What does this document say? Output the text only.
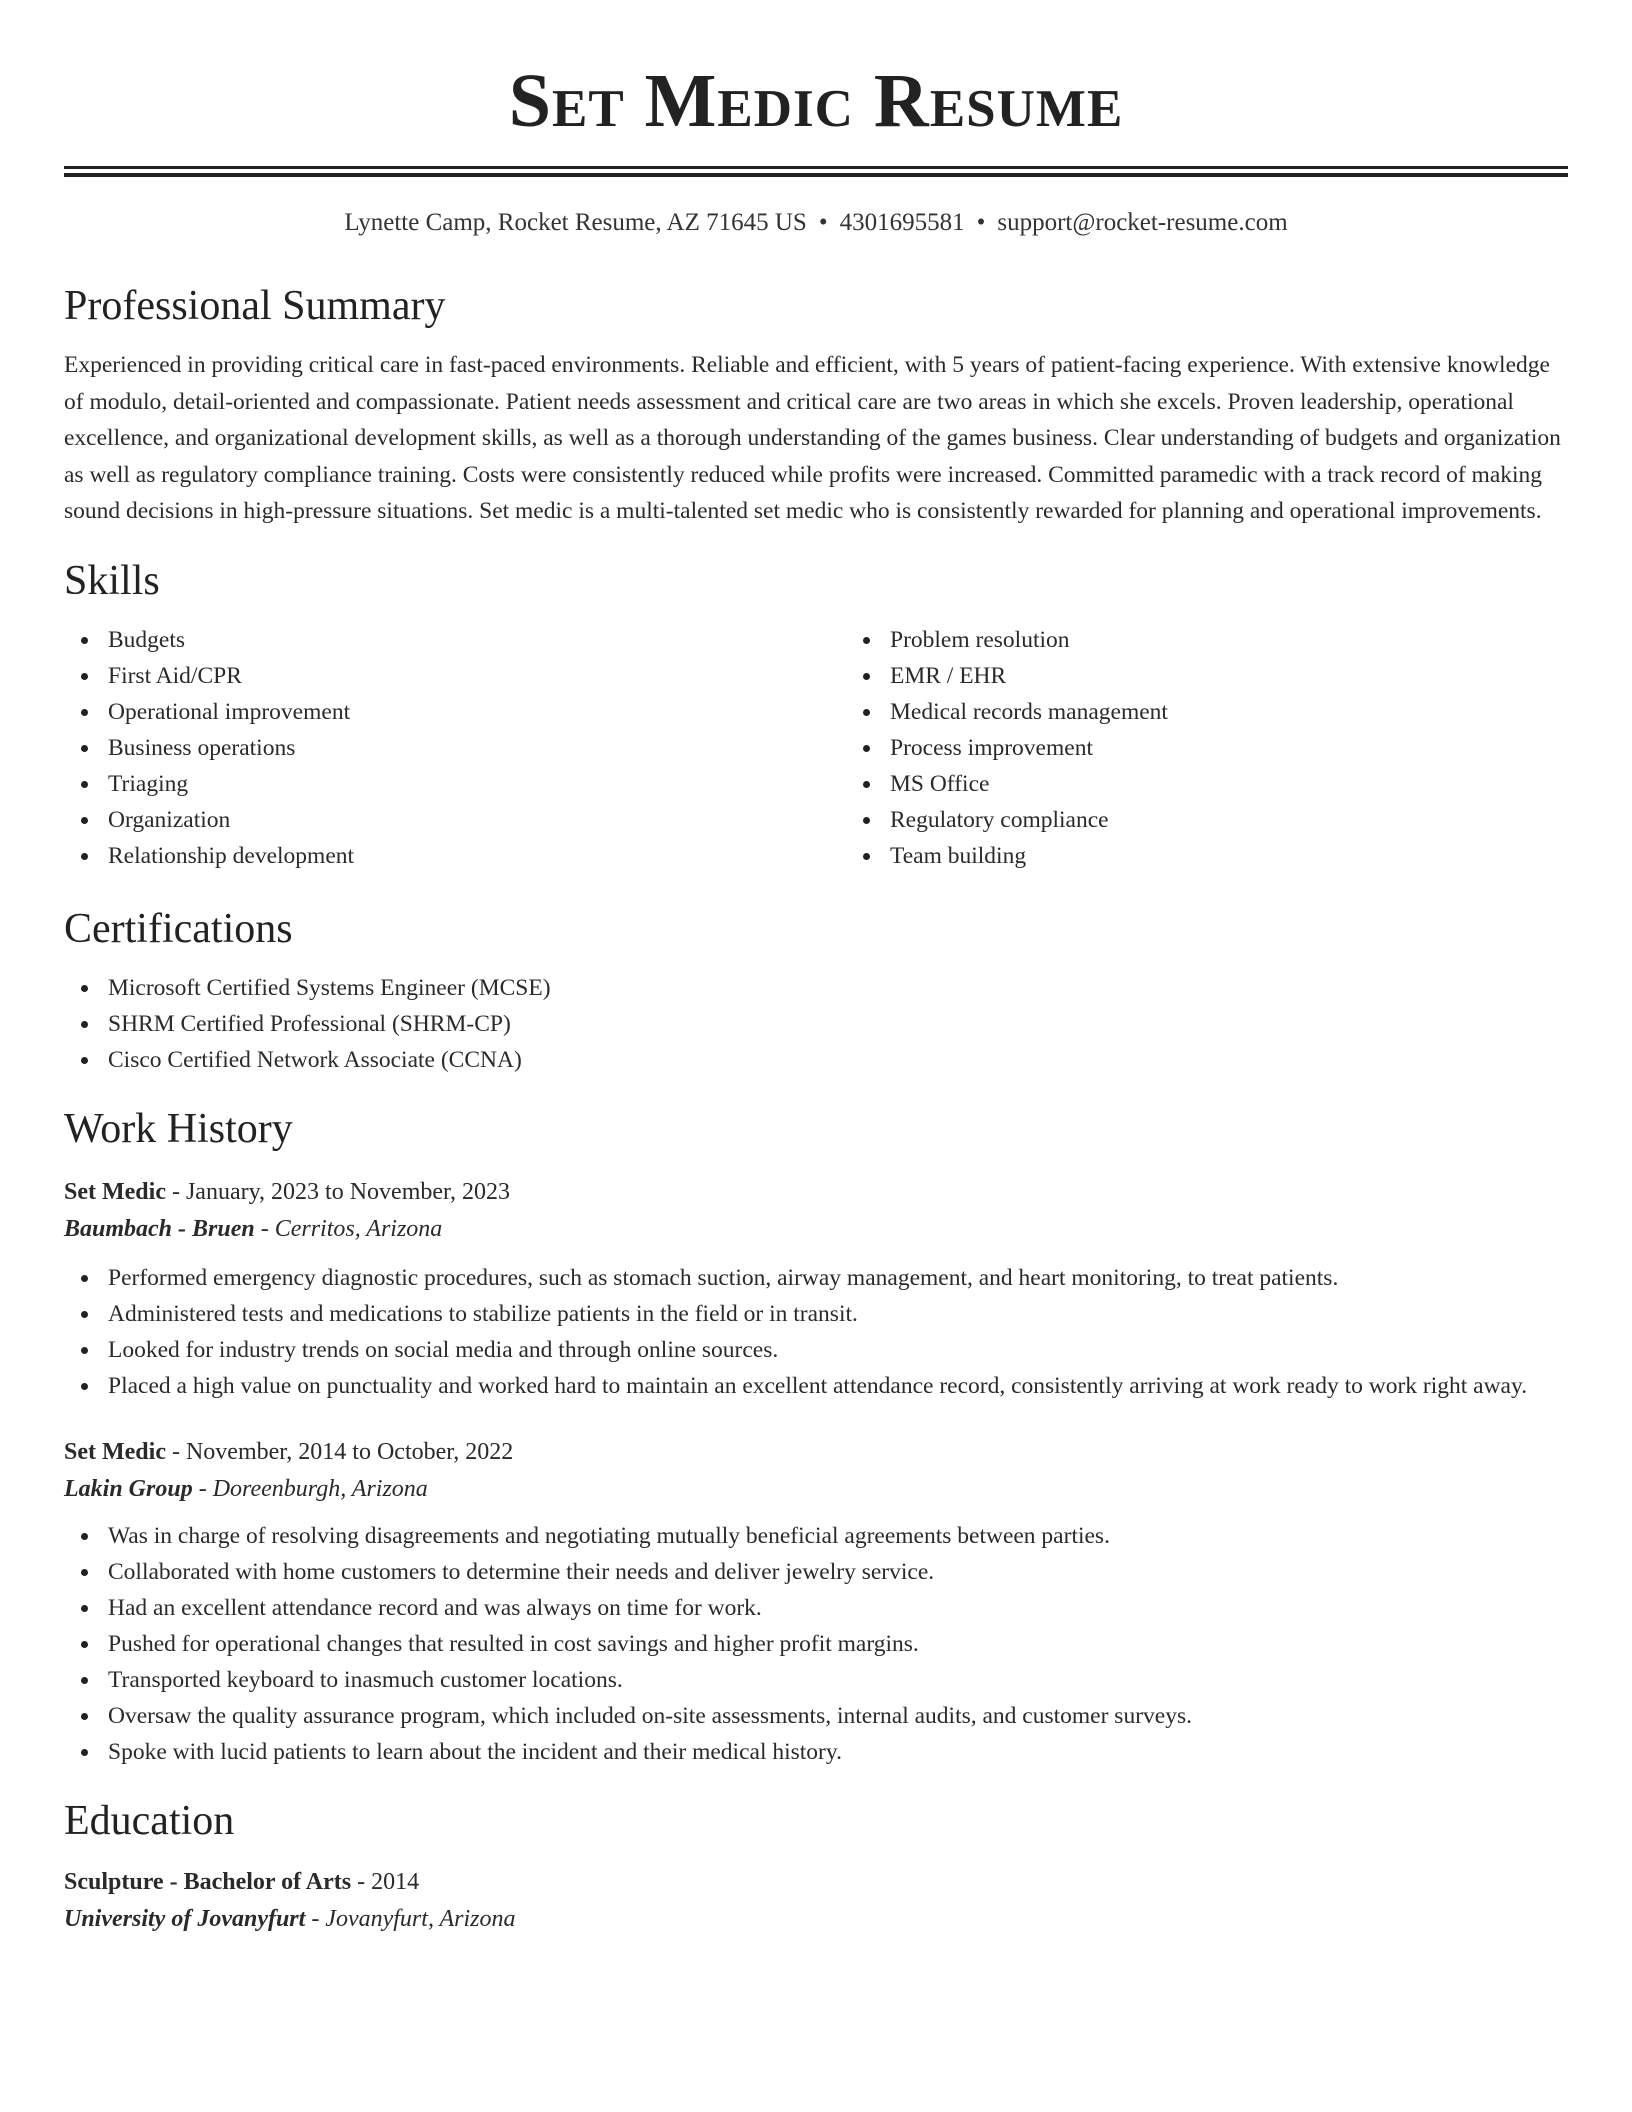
Set Medic Resume
Lynette Camp, Rocket Resume, AZ 71645 US • 4301695581 • support@rocket-resume.com
Professional Summary

Experienced in providing critical care in fast-paced environments. Reliable and efficient, with 5 years of patient-facing experience. With extensive knowledge of modulo, detail-oriented and compassionate. Patient needs assessment and critical care are two areas in which she excels. Proven leadership, operational excellence, and organizational development skills, as well as a thorough understanding of the games business. Clear understanding of budgets and organization as well as regulatory compliance training. Costs were consistently reduced while profits were increased. Committed paramedic with a track record of making sound decisions in high-pressure situations. Set medic is a multi-talented set medic who is consistently rewarded for planning and operational improvements.

Skills
Budgets
First Aid/CPR
Operational improvement
Business operations
Triaging
Organization
Relationship development
Problem resolution
EMR / EHR
Medical records management
Process improvement
MS Office
Regulatory compliance
Team building
Certifications
Microsoft Certified Systems Engineer (MCSE)
SHRM Certified Professional (SHRM-CP)
Cisco Certified Network Associate (CCNA)
Work History
Set Medic - January, 2023 to November, 2023
Baumbach - Bruen - Cerritos, Arizona
Performed emergency diagnostic procedures, such as stomach suction, airway management, and heart monitoring, to treat patients.
Administered tests and medications to stabilize patients in the field or in transit.
Looked for industry trends on social media and through online sources.
Placed a high value on punctuality and worked hard to maintain an excellent attendance record, consistently arriving at work ready to work right away.
Set Medic - November, 2014 to October, 2022
Lakin Group - Doreenburgh, Arizona
Was in charge of resolving disagreements and negotiating mutually beneficial agreements between parties.
Collaborated with home customers to determine their needs and deliver jewelry service.
Had an excellent attendance record and was always on time for work.
Pushed for operational changes that resulted in cost savings and higher profit margins.
Transported keyboard to inasmuch customer locations.
Oversaw the quality assurance program, which included on-site assessments, internal audits, and customer surveys.
Spoke with lucid patients to learn about the incident and their medical history.
Education
Sculpture - Bachelor of Arts - 2014
University of Jovanyfurt - Jovanyfurt, Arizona
